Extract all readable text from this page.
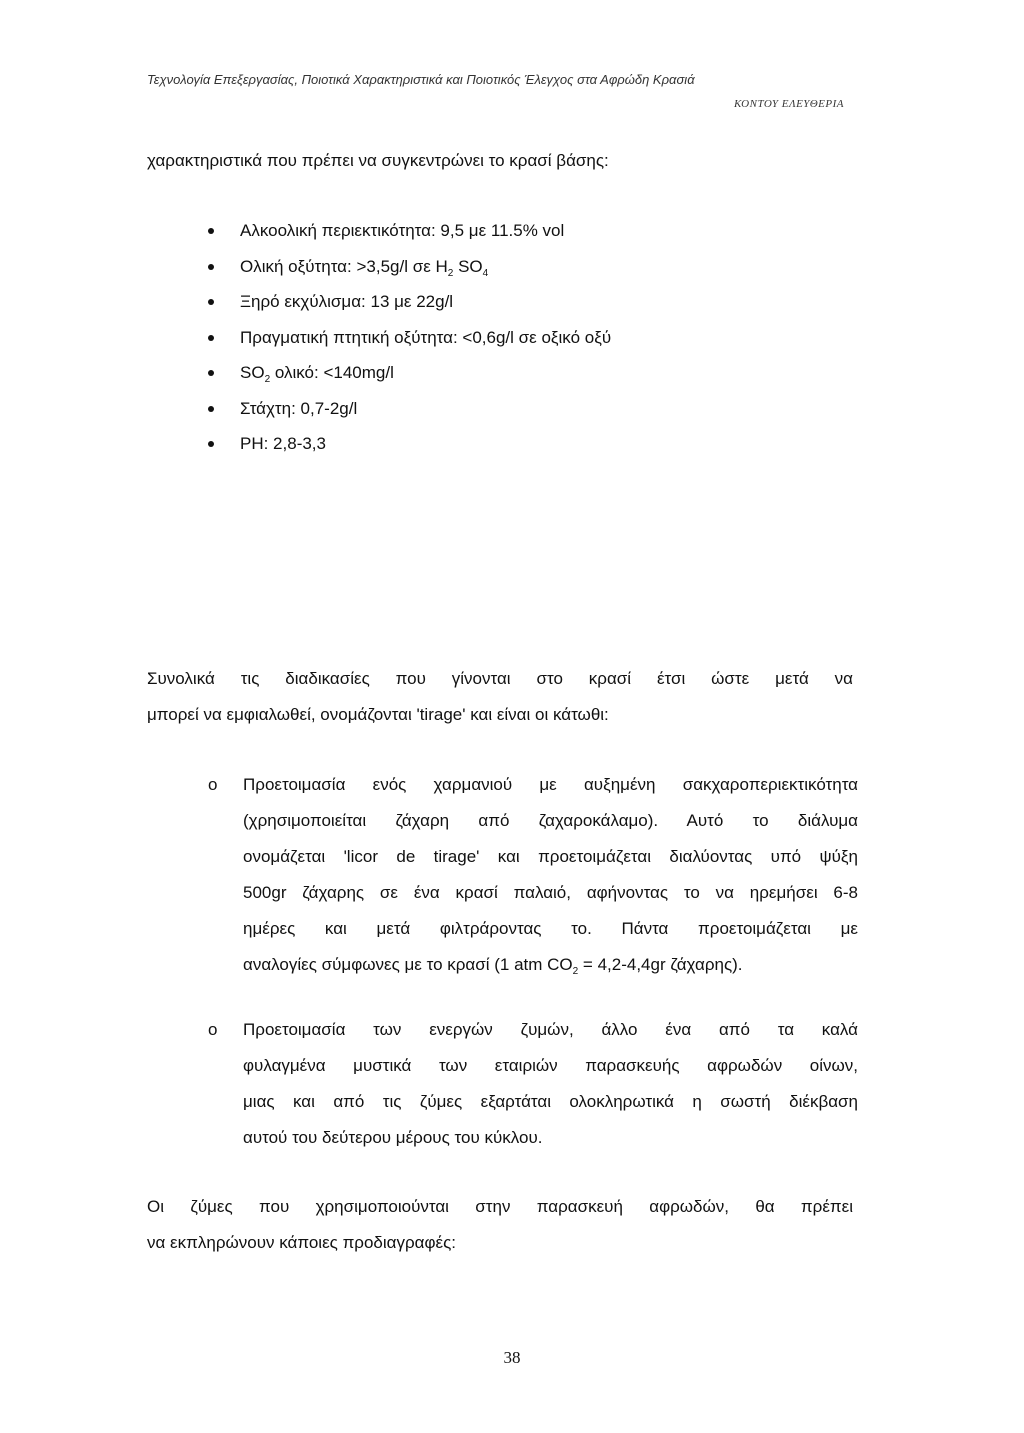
Τεχνολογία Επεξεργασίας, Ποιοτικά Χαρακτηριστικά και Ποιοτικός Έλεγχος στα Αφρώδη Κρασιά
ΚΟΝΤΟΥ ΕΛΕΥΘΕΡΙΑ
χαρακτηριστικά που πρέπει να συγκεντρώνει το κρασί βάσης:
Αλκοολική περιεκτικότητα: 9,5 με 11.5% vol
Ολική οξύτητα: >3,5g/l σε $H_2$ $SO_4$
Ξηρό εκχύλισμα: 13 με 22g/l
Πραγματική πτητική οξύτητα: <0,6g/l σε οξικό οξύ
$SO_2$ ολικό: <140mg/l
Στάχτη: 0,7-2g/l
PH: 2,8-3,3
Συνολικά τις διαδικασίες που γίνονται στο κρασί έτσι ώστε μετά να
μπορεί να εμφιαλωθεί, ονομάζονται 'tirage' και είναι οι κάτωθι:
o Προετοιμασία ενός χαρμανιού με αυξημένη σακχαροπεριεκτικότητα
(χρησιμοποιείται ζάχαρη από ζαχαροκάλαμο). Αυτό το διάλυμα
ονομάζεται 'licor de tirage' και προετοιμάζεται διαλύοντας υπό ψύξη
500gr ζάχαρης σε ένα κρασί παλαιό, αφήνοντας το να ηρεμήσει 6-8
ημέρες και μετά φιλτράροντας το. Πάντα προετοιμάζεται με
αναλογίες σύμφωνες με το κρασί (1 atm $CO_2 = 4,2-4,4gr$ ζάχαρης).
o Προετοιμασία των ενεργών ζυμών, άλλο ένα από τα καλά
φυλαγμένα μυστικά των εταιριών παρασκευής αφρωδών οίνων,
μιας και από τις ζύμες εξαρτάται ολοκληρωτικά η σωστή διέκβαση
αυτού του δεύτερου μέρους του κύκλου.
Οι ζύμες που χρησιμοποιούνται στην παρασκευή αφρωδών, θα πρέπει
να εκπληρώνουν κάποιες προδιαγραφές:
38
